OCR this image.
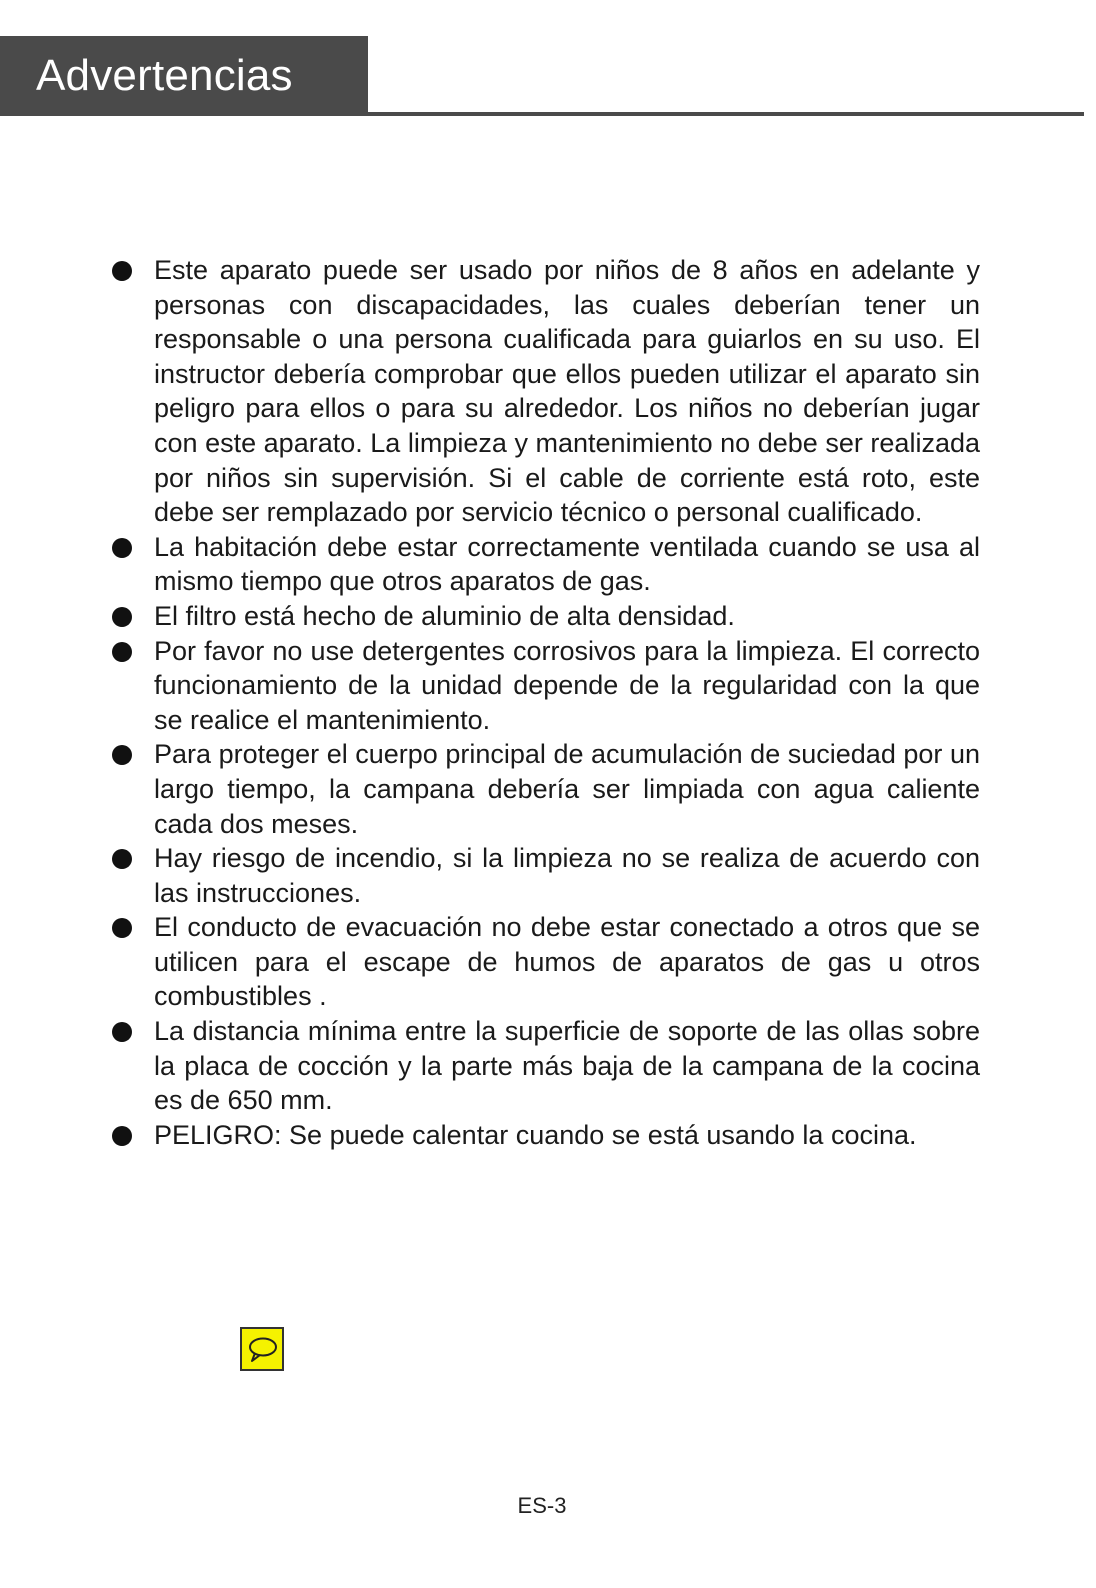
Advertencias
Este aparato puede ser usado por niños de 8 años en adelante y personas con discapacidades, las cuales deberían tener un responsable o una persona cualificada para guiarlos en su uso. El instructor debería comprobar que ellos pueden utilizar el aparato sin peligro para ellos o para su alrededor. Los niños no deberían jugar con este aparato. La limpieza y mantenimiento no debe ser realizada por niños sin supervisión. Si el cable de corriente está roto, este debe ser remplazado por servicio técnico o personal cualificado.
La habitación debe estar correctamente ventilada cuando se usa al mismo tiempo que otros aparatos de gas.
El filtro está hecho de aluminio de alta densidad.
Por favor no use detergentes corrosivos para la limpieza. El correcto funcionamiento de la unidad depende de la regularidad con la que se realice el mantenimiento.
Para proteger el cuerpo principal de acumulación de suciedad por un largo tiempo, la campana debería ser limpiada con agua caliente cada dos meses.
Hay riesgo de incendio, si la limpieza no se realiza de acuerdo con las instrucciones.
El conducto de evacuación no debe estar conectado a otros que se utilicen para el escape de humos de aparatos de gas u otros combustibles .
La distancia mínima entre la superficie de soporte de las ollas sobre la placa de cocción y la parte más baja de la campana de la cocina es de 650 mm.
PELIGRO: Se puede calentar cuando se está usando la cocina.
ES-3
